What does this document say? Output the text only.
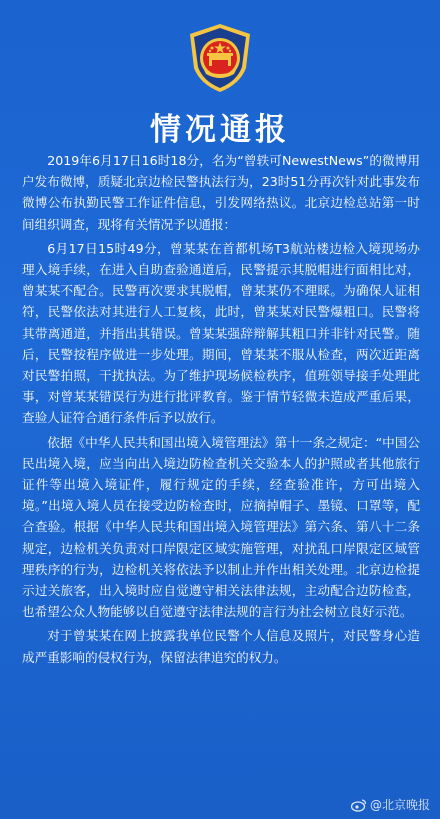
情况通报

2019年6月17日16时18分，名为“曾轶可NewestNews”的微博用户发布微博，质疑北京边检民警执法行为，23时51分再次针对此事发布微博公布执勤民警工作证件信息，引发网络热议。北京边检总站第一时间组织调查，现将有关情况予以通报：

6月17日15时49分，曾某某在首都机场T3航站楼边检入境现场办理入境手续，在进入自助查验通道后，民警提示其脱帽进行面相比对，曾某某不配合。民警再次要求其脱帽，曾某某仍不理睬。为确保人证相符，民警依法对其进行人工复核，此时，曾某某对民警爆粗口。民警将其带离通道，并指出其错误。曾某某强辞辩解其粗口并非针对民警。随后，民警按程序做进一步处理。期间，曾某某不服从检查，两次近距离对民警拍照，干扰执法。为了维护现场候检秩序，值班领导接手处理此事，对曾某某错误行为进行批评教育。鉴于情节轻微未造成严重后果，查验人证符合通行条件后予以放行。

依据《中华人民共和国出境入境管理法》第十一条之规定：“中国公民出境入境，应当向出入境边防检查机关交验本人的护照或者其他旅行证件等出境入境证件，履行规定的手续，经查验准许，方可出境入境。”出境入境人员在接受边防检查时，应摘掉帽子、墨镜、口罩等，配合查验。根据《中华人民共和国出境入境管理法》第六条、第八十二条规定，边检机关负责对口岸限定区域实施管理，对扰乱口岸限定区域管理秩序的行为，边检机关将依法予以制止并作出相关处理。北京边检提示过关旅客，出入境时应自觉遵守相关法律法规，主动配合边防检查，也希望公众人物能够以自觉遵守法律法规的言行为社会树立良好示范。

对于曾某某在网上披露我单位民警个人信息及照片，对民警身心造成严重影响的侵权行为，保留法律追究的权力。

@北京晚报
